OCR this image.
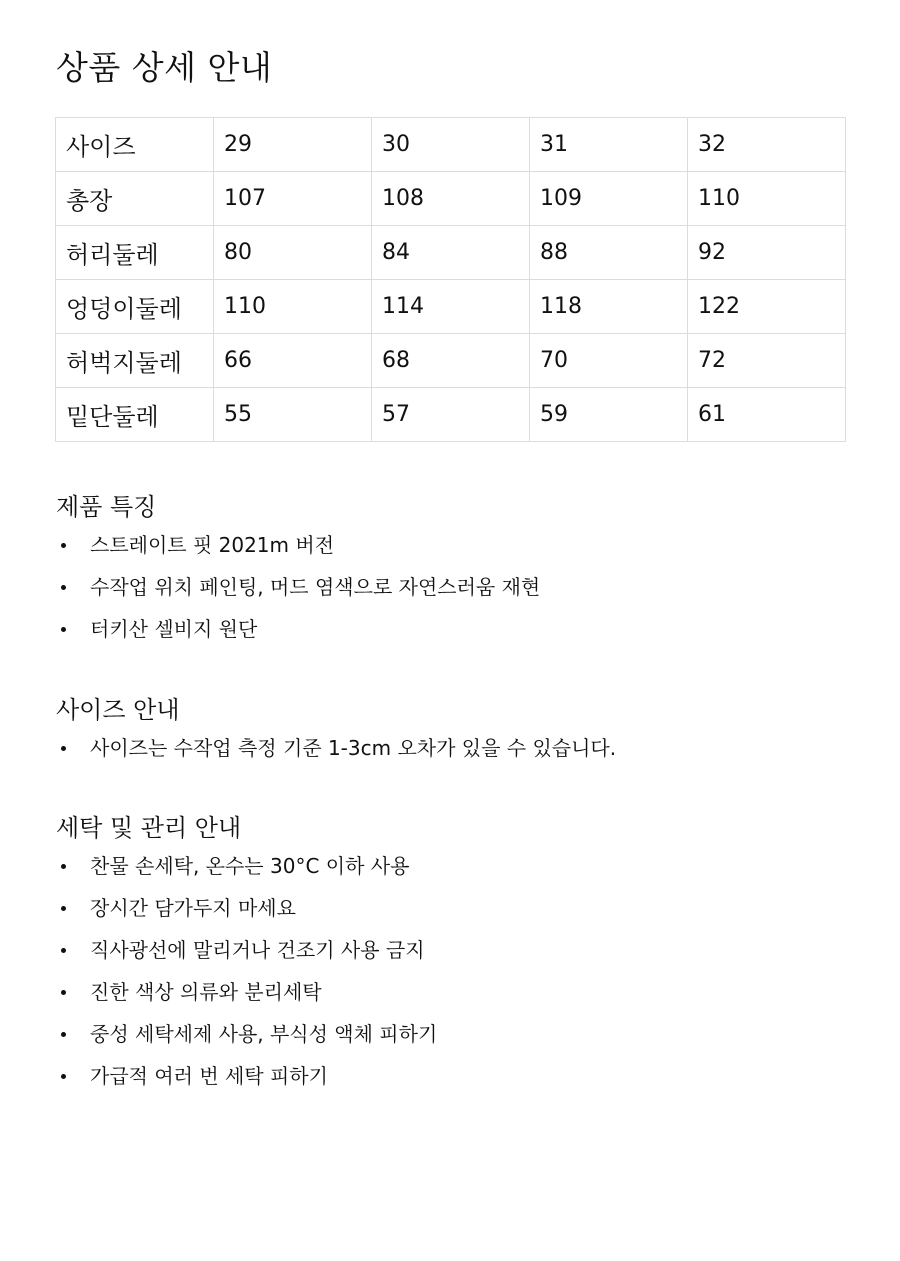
상품 상세 안내
사이즈	29	30	31	32
총장	107	108	109	110
허리둘레	80	84	88	92
엉덩이둘레	110	114	118	122
허벅지둘레	66	68	70	72
밑단둘레	55	57	59	61
제품 특징
스트레이트 핏 2021m 버전
수작업 위치 페인팅, 머드 염색으로 자연스러움 재현
터키산 셀비지 원단
사이즈 안내
사이즈는 수작업 측정 기준 1-3cm 오차가 있을 수 있습니다.
세탁 및 관리 안내
찬물 손세탁, 온수는 30°C 이하 사용
장시간 담가두지 마세요
직사광선에 말리거나 건조기 사용 금지
진한 색상 의류와 분리세탁
중성 세탁세제 사용, 부식성 액체 피하기
가급적 여러 번 세탁 피하기
